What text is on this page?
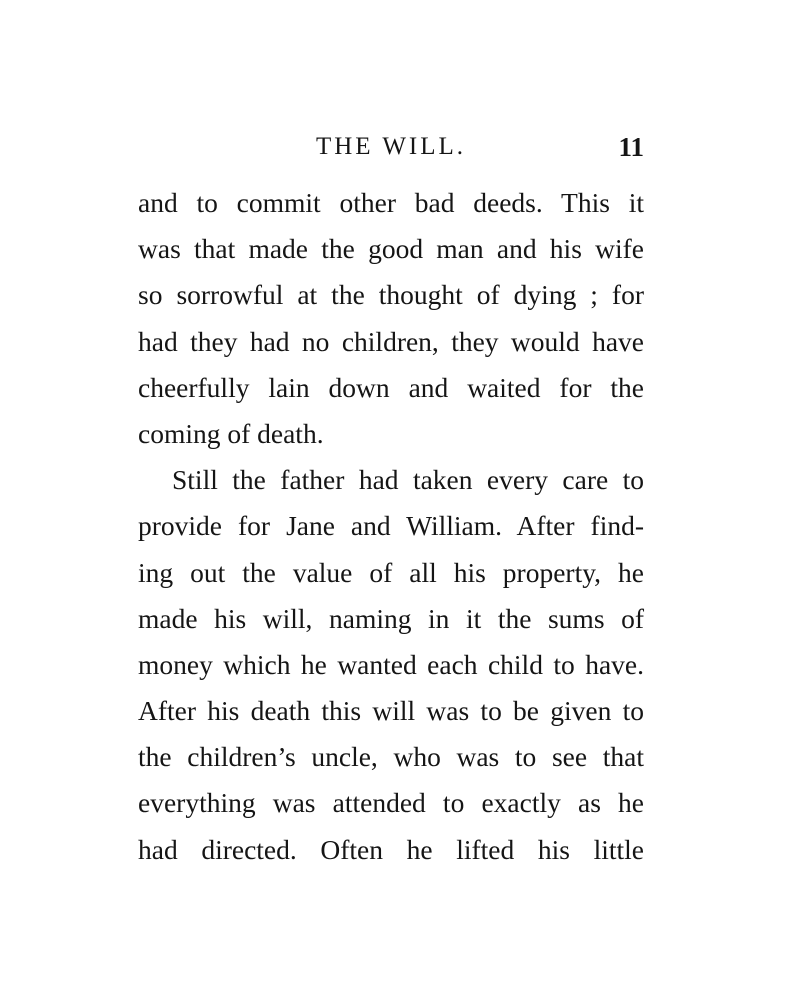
THE WILL.	11
and to commit other bad deeds. This it
was that made the good man and his wife
so sorrowful at the thought of dying ; for
had they had no children, they would have
cheerfully lain down and waited for the
coming of death.
Still the father had taken every care to
provide for Jane and William. After find-
ing out the value of all his property, he
made his will, naming in it the sums of
money which he wanted each child to have.
After his death this will was to be given to
the children’s uncle, who was to see that
everything was attended to exactly as he
had directed. Often he lifted his little
